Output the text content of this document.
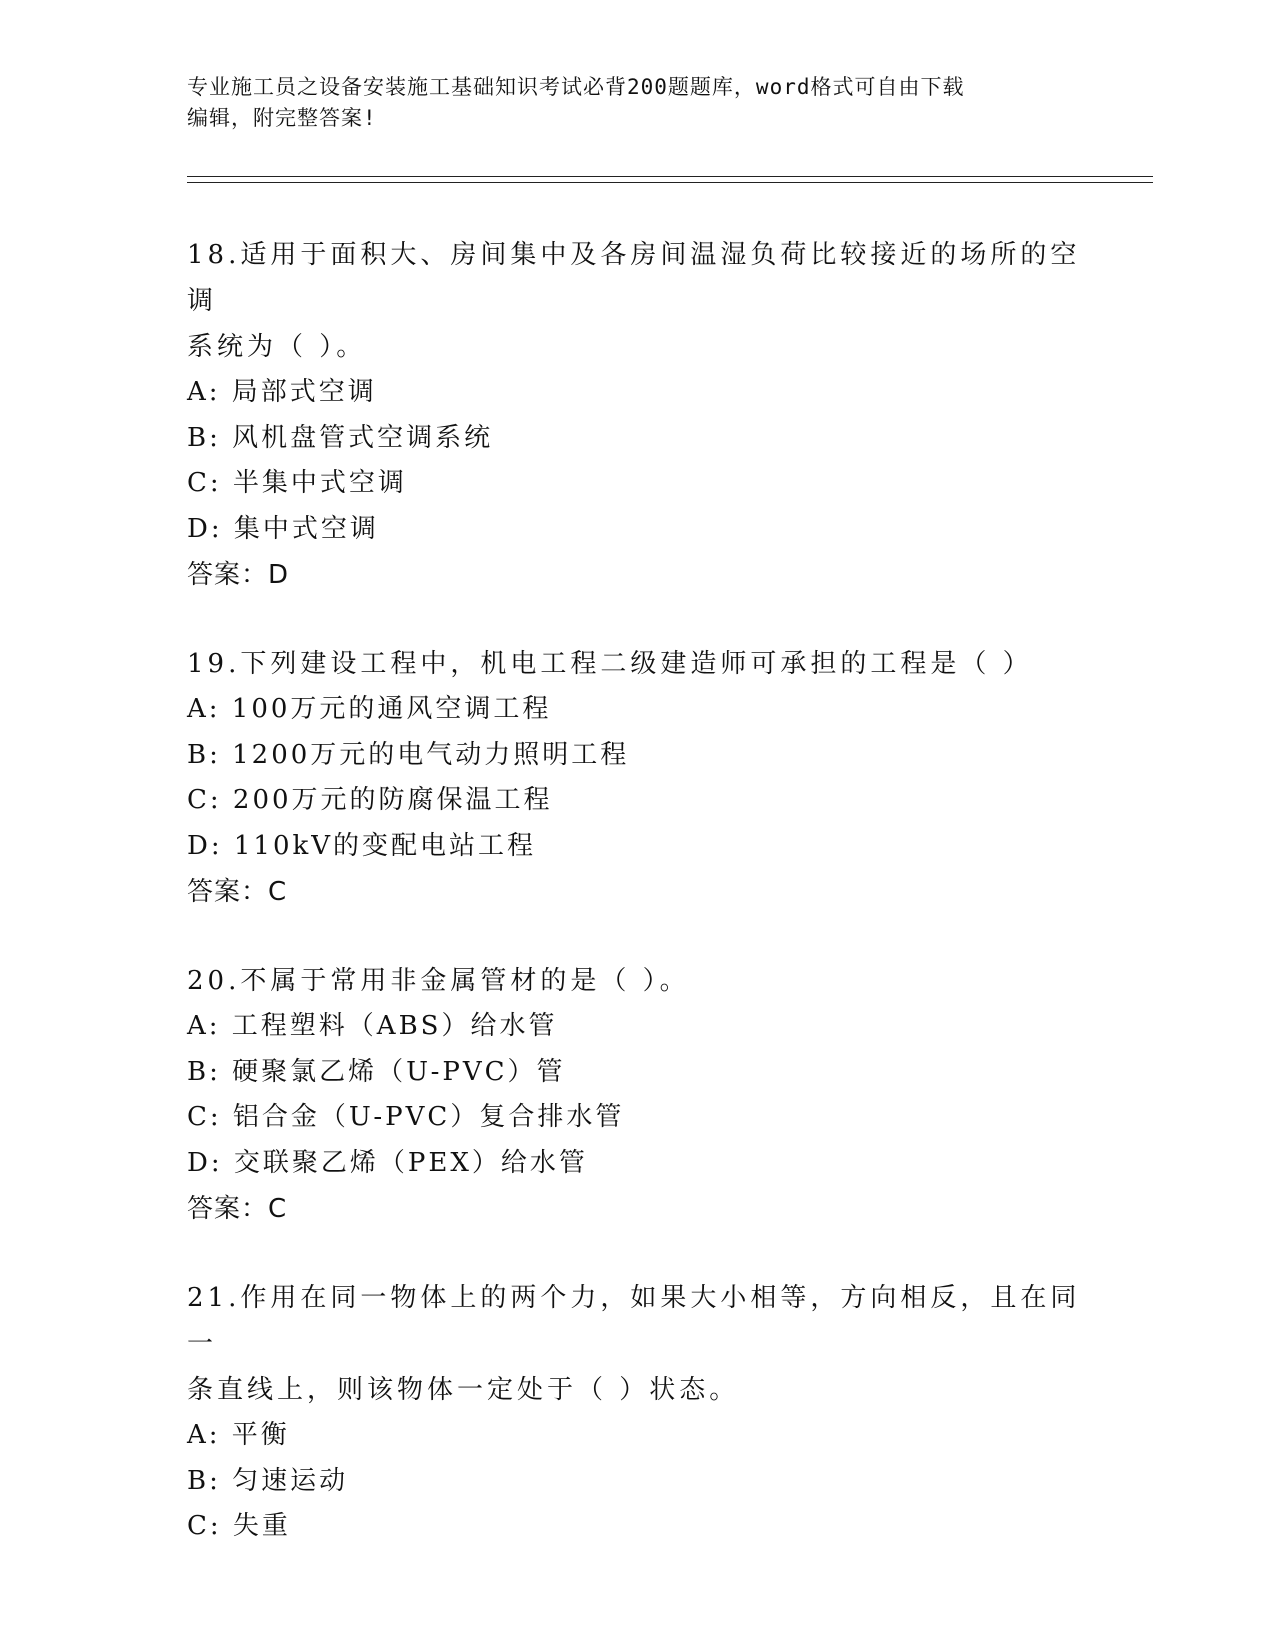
专业施工员之设备安装施工基础知识考试必背200题题库，word格式可自由下载
编辑，附完整答案!
18.适用于面积大、房间集中及各房间温湿负荷比较接近的场所的空调
系统为（ ）。
A: 局部式空调
B: 风机盘管式空调系统
C: 半集中式空调
D: 集中式空调
答案：D
19.下列建设工程中，机电工程二级建造师可承担的工程是（ ）
A: 100万元的通风空调工程
B: 1200万元的电气动力照明工程
C: 200万元的防腐保温工程
D: 110kV的变配电站工程
答案：C
20.不属于常用非金属管材的是（ ）。
A: 工程塑料（ABS）给水管
B: 硬聚氯乙烯（U-PVC）管
C: 铝合金（U-PVC）复合排水管
D: 交联聚乙烯（PEX）给水管
答案：C
21.作用在同一物体上的两个力，如果大小相等，方向相反，且在同一
条直线上，则该物体一定处于（ ）状态。
A: 平衡
B: 匀速运动
C: 失重
